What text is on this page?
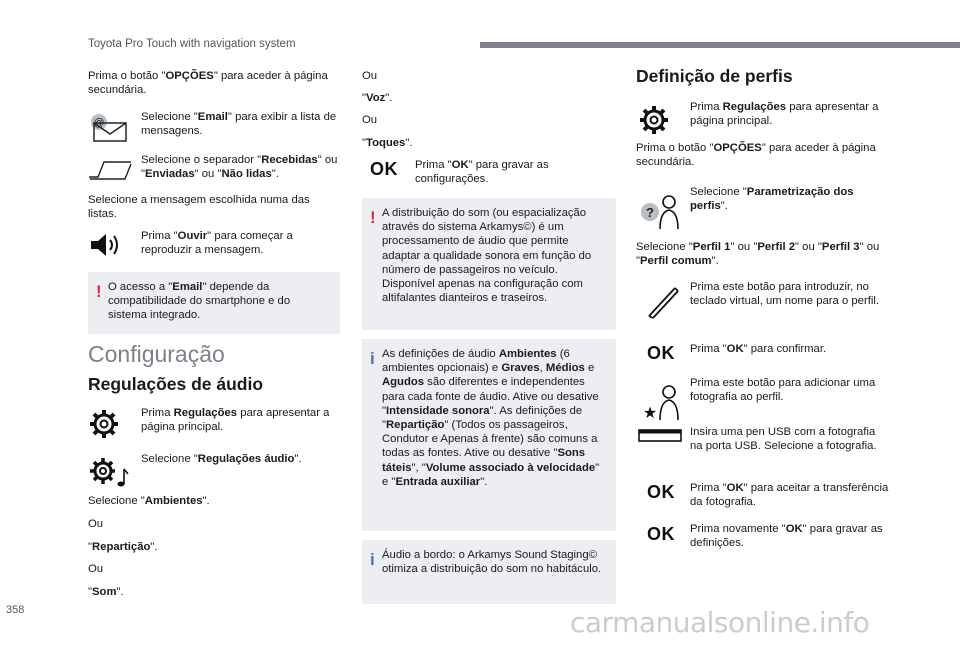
Toyota Pro Touch with navigation system
Prima o botão "OPÇÕES" para aceder à página secundária.
@	Selecione "Email" para exibir a lista de mensagens.
Selecione o separador "Recebidas" ou "Enviadas" ou "Não lidas".
Selecione a mensagem escolhida numa das listas.
Prima "Ouvir" para começar a reproduzir a mensagem.
! O acesso a "Email" depende da compatibilidade do smartphone e do sistema integrado.
Configuração
Regulações de áudio
Prima Regulações para apresentar a página principal.
Selecione "Regulações áudio".
Selecione "Ambientes".
Ou
"Repartição".
Ou
"Som".
Ou
"Voz".
Ou
"Toques".
OK Prima "OK" para gravar as configurações.
! A distribuição do som (ou espacialização através do sistema Arkamys©) é um processamento de áudio que permite adaptar a qualidade sonora em função do número de passageiros no veículo. Disponível apenas na configuração com altifalantes dianteiros e traseiros.
i As definições de áudio Ambientes (6 ambientes opcionais) e Graves, Médios e Agudos são diferentes e independentes para cada fonte de áudio. Ative ou desative "Intensidade sonora". As definições de "Repartição" (Todos os passageiros, Condutor e Apenas à frente) são comuns a todas as fontes. Ative ou desative "Sons táteis", "Volume associado à velocidade" e "Entrada auxiliar".
i Áudio a bordo: o Arkamys Sound Staging© otimiza a distribuição do som no habitáculo.
Definição de perfis
Prima Regulações para apresentar a página principal.
Prima o botão "OPÇÕES" para aceder à página secundária.
?
Selecione "Parametrização dos perfis".
Selecione "Perfil 1" ou "Perfil 2" ou "Perfil 3" ou "Perfil comum".
Prima este botão para introduzir, no teclado virtual, um nome para o perfil.
OK Prima "OK" para confirmar.
★
Prima este botão para adicionar uma fotografia ao perfil.
Insira uma pen USB com a fotografia na porta USB. Selecione a fotografia.
OK Prima "OK" para aceitar a transferência da fotografia.
OK Prima novamente "OK" para gravar as definições.
358	carmanualsonline.info
